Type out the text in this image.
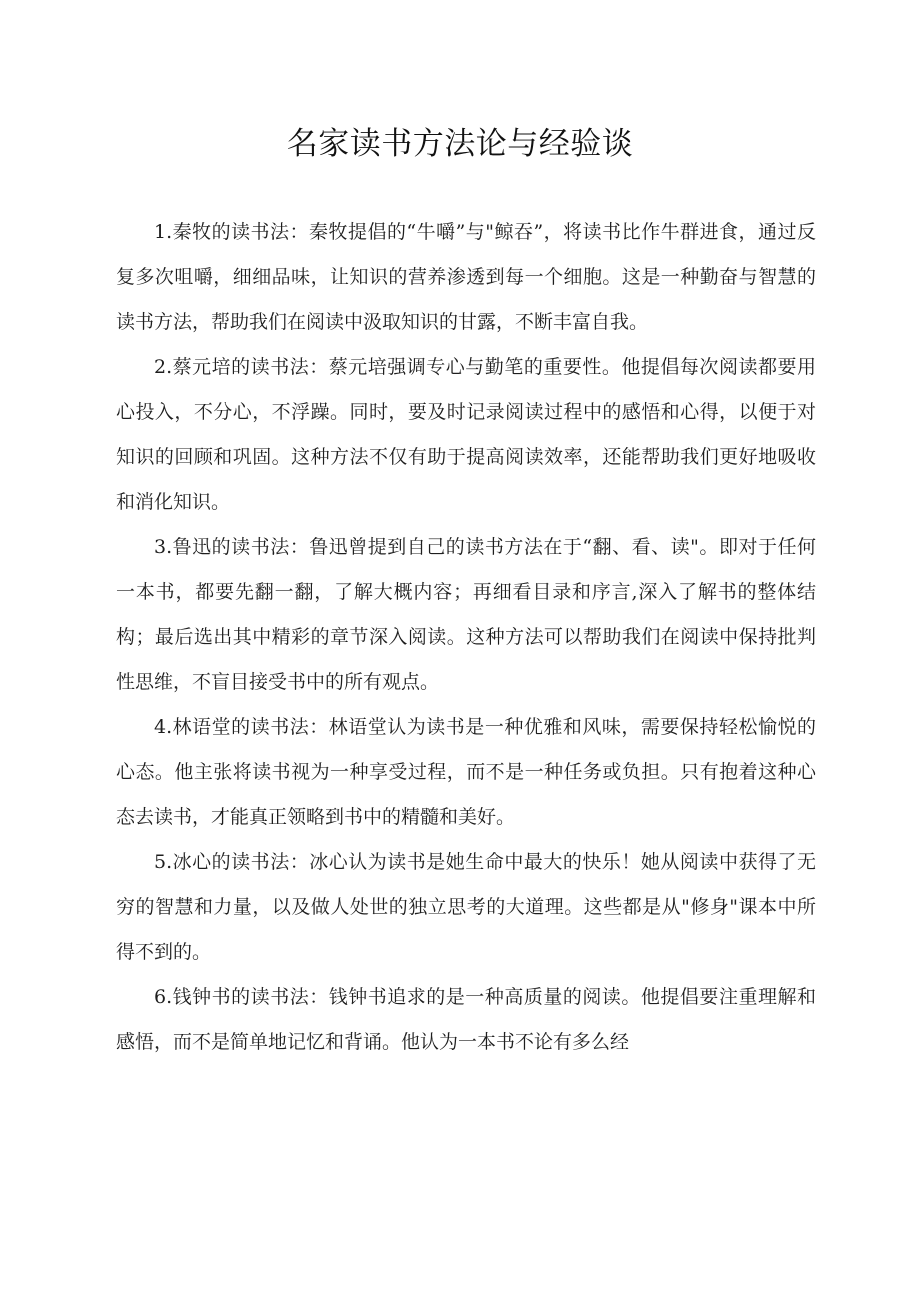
名家读书方法论与经验谈

1.秦牧的读书法：秦牧提倡的“牛嚼”与"鲸吞”，将读书比作牛群进食，通过反复多次咀嚼，细细品味，让知识的营养渗透到每一个细胞。这是一种勤奋与智慧的读书方法，帮助我们在阅读中汲取知识的甘露，不断丰富自我。

2.蔡元培的读书法：蔡元培强调专心与勤笔的重要性。他提倡每次阅读都要用心投入，不分心，不浮躁。同时，要及时记录阅读过程中的感悟和心得，以便于对知识的回顾和巩固。这种方法不仅有助于提高阅读效率，还能帮助我们更好地吸收和消化知识。

3.鲁迅的读书法：鲁迅曾提到自己的读书方法在于“翻、看、读"。即对于任何一本书，都要先翻一翻，了解大概内容；再细看目录和序言,深入了解书的整体结构；最后选出其中精彩的章节深入阅读。这种方法可以帮助我们在阅读中保持批判性思维，不盲目接受书中的所有观点。

4.林语堂的读书法：林语堂认为读书是一种优雅和风味，需要保持轻松愉悦的心态。他主张将读书视为一种享受过程，而不是一种任务或负担。只有抱着这种心态去读书，才能真正领略到书中的精髓和美好。

5.冰心的读书法：冰心认为读书是她生命中最大的快乐！她从阅读中获得了无穷的智慧和力量，以及做人处世的独立思考的大道理。这些都是从"修身"课本中所得不到的。

6.钱钟书的读书法：钱钟书追求的是一种高质量的阅读。他提倡要注重理解和感悟，而不是简单地记忆和背诵。他认为一本书不论有多么经
